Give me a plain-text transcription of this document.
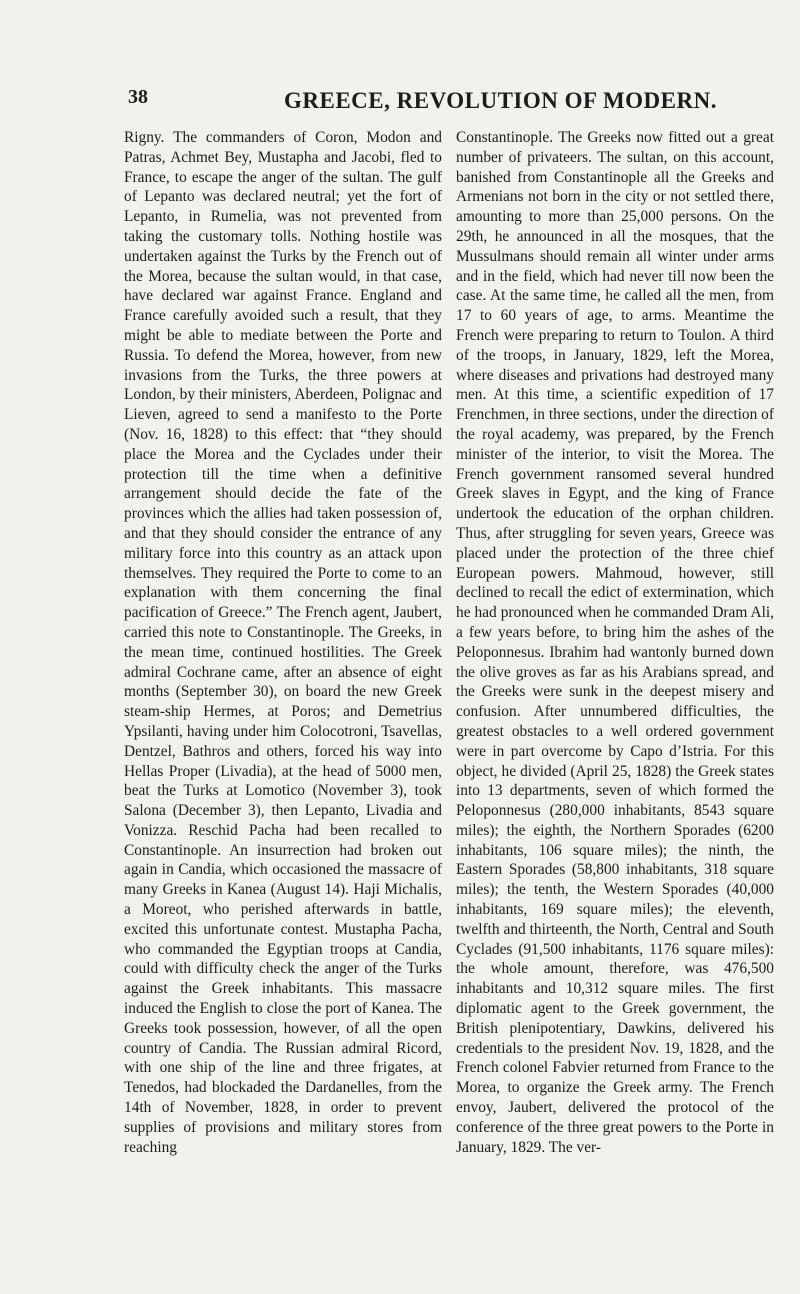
38	GREECE, REVOLUTION OF MODERN.

Rigny. The commanders of Coron, Modon and Patras, Achmet Bey, Mustapha and Jacobi, fled to France, to escape the anger of the sultan. The gulf of Lepanto was declared neutral; yet the fort of Lepanto, in Rumelia, was not prevented from taking the customary tolls. Nothing hostile was undertaken against the Turks by the French out of the Morea, because the sultan would, in that case, have declared war against France. England and France carefully avoided such a result, that they might be able to mediate between the Porte and Russia. To defend the Morea, however, from new invasions from the Turks, the three powers at London, by their ministers, Aberdeen, Polignac and Lieven, agreed to send a manifesto to the Porte (Nov. 16, 1828) to this effect: that “they should place the Morea and the Cyclades under their protection till the time when a definitive arrangement should decide the fate of the provinces which the allies had taken possession of, and that they should consider the entrance of any military force into this country as an attack upon themselves. They required the Porte to come to an explanation with them concerning the final pacification of Greece.” The French agent, Jaubert, carried this note to Constantinople. The Greeks, in the mean time, continued hostilities. The Greek admiral Cochrane came, after an absence of eight months (September 30), on board the new Greek steam-ship Hermes, at Poros; and Demetrius Ypsilanti, having under him Colocotroni, Tsavellas, Dentzel, Bathros and others, forced his way into Hellas Proper (Livadia), at the head of 5000 men, beat the Turks at Lomotico (November 3), took Salona (December 3), then Lepanto, Livadia and Vonizza. Reschid Pacha had been recalled to Constantinople. An insurrection had broken out again in Candia, which occasioned the massacre of many Greeks in Kanea (August 14). Haji Michalis, a Moreot, who perished afterwards in battle, excited this unfortunate contest. Mustapha Pacha, who commanded the Egyptian troops at Candia, could with difficulty check the anger of the Turks against the Greek inhabitants. This massacre induced the English to close the port of Kanea. The Greeks took possession, however, of all the open country of Candia. The Russian admiral Ricord, with one ship of the line and three frigates, at Tenedos, had blockaded the Dardanelles, from the 14th of November, 1828, in order to prevent supplies of provisions and military stores from reaching

Constantinople. The Greeks now fitted out a great number of privateers. The sultan, on this account, banished from Constantinople all the Greeks and Armenians not born in the city or not settled there, amounting to more than 25,000 persons. On the 29th, he announced in all the mosques, that the Mussulmans should remain all winter under arms and in the field, which had never till now been the case. At the same time, he called all the men, from 17 to 60 years of age, to arms. Meantime the French were preparing to return to Toulon. A third of the troops, in January, 1829, left the Morea, where diseases and privations had destroyed many men. At this time, a scientific expedition of 17 Frenchmen, in three sections, under the direction of the royal academy, was prepared, by the French minister of the interior, to visit the Morea. The French government ransomed several hundred Greek slaves in Egypt, and the king of France undertook the education of the orphan children. Thus, after struggling for seven years, Greece was placed under the protection of the three chief European powers. Mahmoud, however, still declined to recall the edict of extermination, which he had pronounced when he commanded Dram Ali, a few years before, to bring him the ashes of the Peloponnesus. Ibrahim had wantonly burned down the olive groves as far as his Arabians spread, and the Greeks were sunk in the deepest misery and confusion. After unnumbered difficulties, the greatest obstacles to a well ordered government were in part overcome by Capo d’Istria. For this object, he divided (April 25, 1828) the Greek states into 13 departments, seven of which formed the Peloponnesus (280,000 inhabitants, 8543 square miles); the eighth, the Northern Sporades (6200 inhabitants, 106 square miles); the ninth, the Eastern Sporades (58,800 inhabitants, 318 square miles); the tenth, the Western Sporades (40,000 inhabitants, 169 square miles); the eleventh, twelfth and thirteenth, the North, Central and South Cyclades (91,500 inhabitants, 1176 square miles): the whole amount, therefore, was 476,500 inhabitants and 10,312 square miles. The first diplomatic agent to the Greek government, the British plenipotentiary, Dawkins, delivered his credentials to the president Nov. 19, 1828, and the French colonel Fabvier returned from France to the Morea, to organize the Greek army. The French envoy, Jaubert, delivered the protocol of the conference of the three great powers to the Porte in January, 1829. The ver-
